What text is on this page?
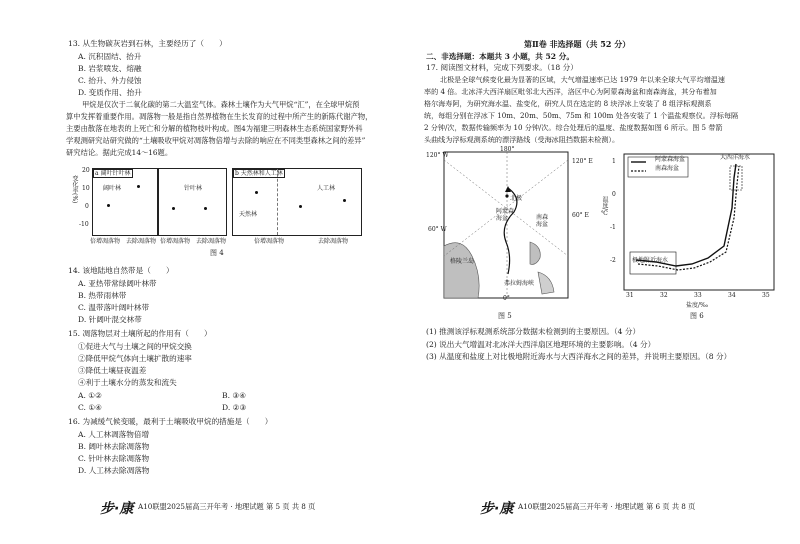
13. 从生物碳灰岩到石林，主要经历了（　　）
A. 沉积固结、抬升
B. 岩浆喷发、熔融
C. 抬升、外力侵蚀
D. 变质作用、抬升
甲烷是仅次于二氧化碳的第二大温室气体。森林土壤作为大气甲烷“汇”，在全球甲烷预
算中发挥着重要作用。凋落物一般是指自然界植物在生长发育的过程中所产生的新陈代谢产物，
主要由散落在地表的上死亡和分解的植物枝叶构成。图4为福建三明森林生态系统国家野外科
学观测研究站研究做的“土壤吸收甲烷对凋落物倍增与去除的响应在不同类型森林之间的差异”
研究结论。据此完成14～16题。
变化率(%)
20
10
0
-10
a 阔叶针叶林
阔叶林	针叶林
b 天然林和人工林
人工林
天然林
倍增凋落物 去除凋落物 倍增凋落物 去除凋落物	倍增凋落物	去除凋落物
图 4
14. 该地陆地自然带是（　　）
A. 亚热带常绿阔叶林带
B. 热带雨林带
C. 温带落叶阔叶林带
D. 针阔叶混交林带
15. 凋落物层对土壤所起的作用有（　　）
①促进大气与土壤之间的甲烷交换
②降低甲烷气体向土壤扩散的速率
③降低土壤昼夜温差
④利于土壤水分的蒸发和流失
A. ①②	B. ③④
C. ①④	D. ②③
16. 为减缓气候变暖，最利于土壤吸收甲烷的措施是（　　）
A. 人工林凋落物倍增
B. 阔叶林去除凋落物
C. 针叶林去除凋落物
D. 人工林去除凋落物
步·康 A10联盟2025届高三开年考 · 地理试题 第 5 页 共 8 页
第Ⅱ卷 非选择题（共 52 分）
二、非选择题：本题共 3 小题，共 52 分。
17. 阅读图文材料，完成下列要求。（18 分）
北极是全球气候变化最为显著的区域，大气增温速率已达 1979 年以来全球大气平均增温速
率的 4 倍。北冰洋大西洋扇区毗邻北大西洋，洛区中心为阿蒙森海盆和南森海盆，其分布着加
格尔海寿阿，为研究海水温、盐变化，研究人员在选定的 8 块浮冰上安装了 8 组浮标观测系
统，每组分别在浮冰下 10m、20m、50m、75m 和 100m 处各安装了 1 个温盐观察仪。浮标每隔
2 分钟/次，数据传输频率为 10 分钟/次。综合处理后的温度、盐度数据如图 6 所示。图 5 带箭
头曲线为浮标观测系统的漂浮路线（受海冰阻挡数据未检测）。
180°
120° W
120° E
60° W
60° E
0°
北极
阿蒙森海盆	南森海盆
格陵兰岛
弗拉姆海峡
图 5
阿蒙森海盆
南森海盆
大西洋海水
极地附近海水
温度/℃
1
0
-1
-2
31	32	33	34	35
盐度/‰
图 6
(1) 推测该浮标观测系统部分数据未检测到的主要原因。（4 分）
(2) 说出大气增温对北冰洋大西洋扇区地理环境的主要影响。（4 分）
(3) 从温度和盐度上对比极地附近海水与大西洋海水之间的差异，并说明主要原因。（8 分）
步·康 A10联盟2025届高三开年考 · 地理试题 第 6 页 共 8 页
